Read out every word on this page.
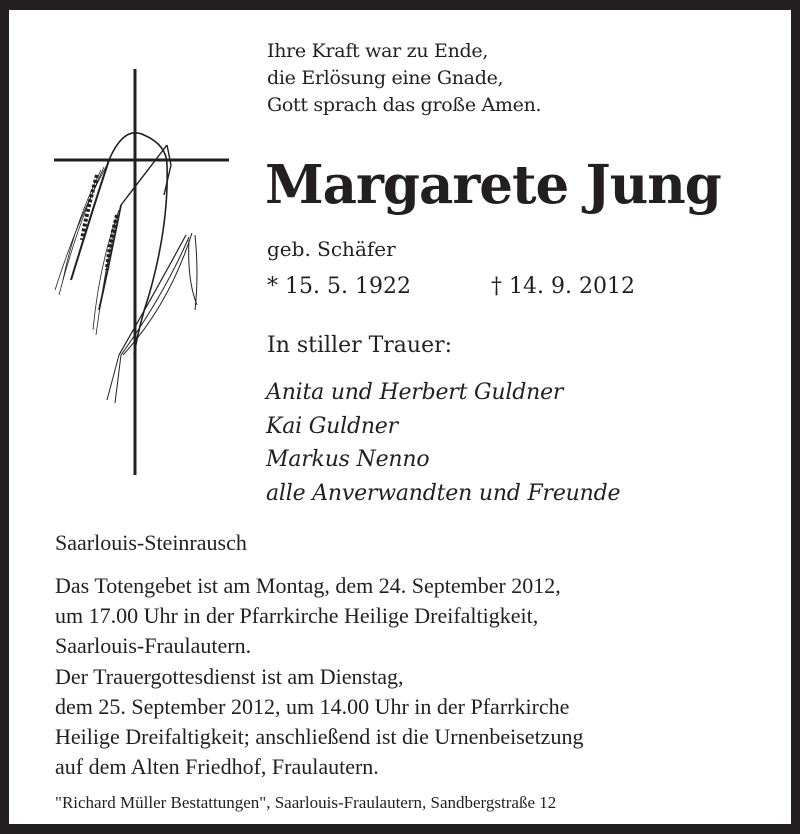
Ihre Kraft war zu Ende,
die Erlösung eine Gnade,
Gott sprach das große Amen.
Margarete Jung
geb. Schäfer
* 15. 5. 1922	† 14. 9. 2012
In stiller Trauer:
Anita und Herbert Guldner
Kai Guldner
Markus Nenno
alle Anverwandten und Freunde
Saarlouis-Steinrausch
Das Totengebet ist am Montag, dem 24. September 2012,
um 17.00 Uhr in der Pfarrkirche Heilige Dreifaltigkeit,
Saarlouis-Fraulautern.
Der Trauergottesdienst ist am Dienstag,
dem 25. September 2012, um 14.00 Uhr in der Pfarrkirche
Heilige Dreifaltigkeit; anschließend ist die Urnenbeisetzung
auf dem Alten Friedhof, Fraulautern.
"Richard Müller Bestattungen", Saarlouis-Fraulautern, Sandbergstraße 12
